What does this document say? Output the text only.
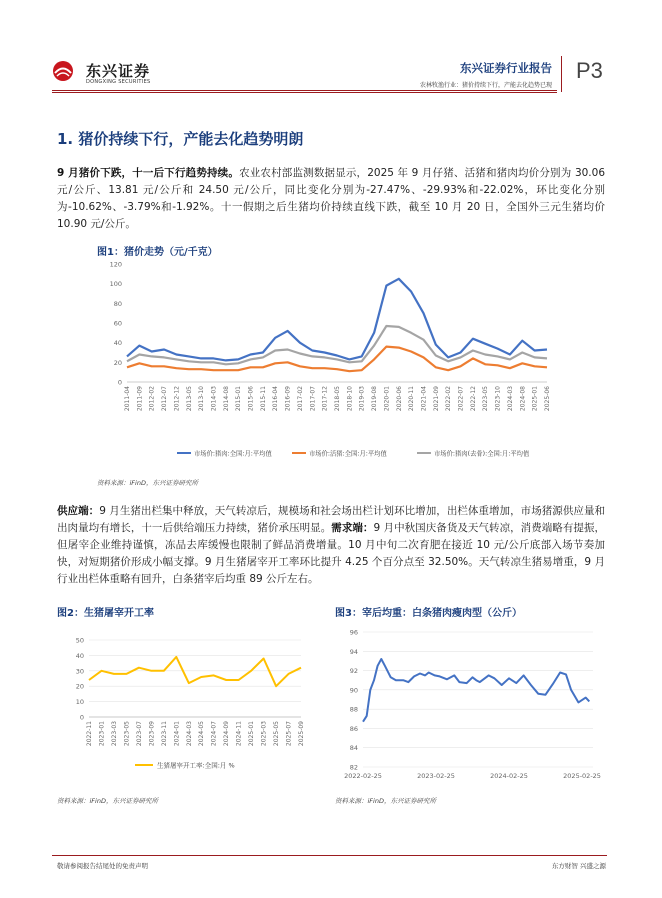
东兴证券
DONGXING SECURITIES
东兴证券行业报告
农林牧渔行业：猪价持续下行，产能去化趋势已现
P3
1. 猪价持续下行，产能去化趋势明朗
9 月猪价下跌，十一后下行趋势持续。农业农村部监测数据显示，2025 年 9 月仔猪、活猪和猪肉均价分别为 30.06 元/公斤、13.81 元/公斤和 24.50 元/公斤，同比变化分别为-27.47%、-29.93%和-22.02%，环比变化分别为-10.62%、-3.79%和-1.92%。十一假期之后生猪均价持续直线下跌，截至 10 月 20 日，全国外三元生猪均价 10.90 元/公斤。
图1：猪价走势（元/千克）
0
20
40
60
80
100
120
2011-04 2011-09 2012-02 2012-07 2012-12 2013-05 2013-10 2014-03 2014-08 2015-01 2015-06 2015-11 2016-04 2016-09 2017-02 2017-07 2017-12 2018-05 2018-10 2019-03 2019-08 2020-01 2020-06 2020-11 2021-04 2021-09 2022-02 2022-07 2022-12 2023-05 2023-10 2024-03 2024-08 2025-01 2025-06
市场价:猪肉:全国:月:平均值	市场价:活猪:全国:月:平均值	市场价:猪肉(去骨):全国:月:平均值
资料来源：iFinD，东兴证券研究所
供应端：9 月生猪出栏集中释放，天气转凉后，规模场和社会场出栏计划环比增加，出栏体重增加，市场猪源供应量和出肉量均有增长，十一后供给端压力持续，猪价承压明显。需求端：9 月中秋国庆备货及天气转凉，消费端略有提振，但屠宰企业维持谨慎，冻品去库缓慢也限制了鲜品消费增量。10 月中旬二次育肥在接近 10 元/公斤底部入场节奏加快，对短期猪价形成小幅支撑。9 月生猪屠宰开工率环比提升 4.25 个百分点至 32.50%。天气转凉生猪易增重，9 月行业出栏体重略有回升，白条猪宰后均重 89 公斤左右。
图2：生猪屠宰开工率
0
10
20
30
40
50
2022-11 2023-01 2023-03 2023-05 2023-07 2023-09 2023-11 2024-01 2024-03 2024-05 2024-07 2024-09 2024-11 2025-01 2025-03 2025-05 2025-07 2025-09
生猪屠宰开工率:全国:月 %
资料来源：iFinD，东兴证券研究所
图3：宰后均重：白条猪肉瘦肉型（公斤）
82
84
86
88
90
92
94
96
2022-02-25	2023-02-25	2024-02-25	2025-02-25
资料来源：iFinD，东兴证券研究所
敬请参阅报告结尾处的免责声明	东方财智 兴盛之源
